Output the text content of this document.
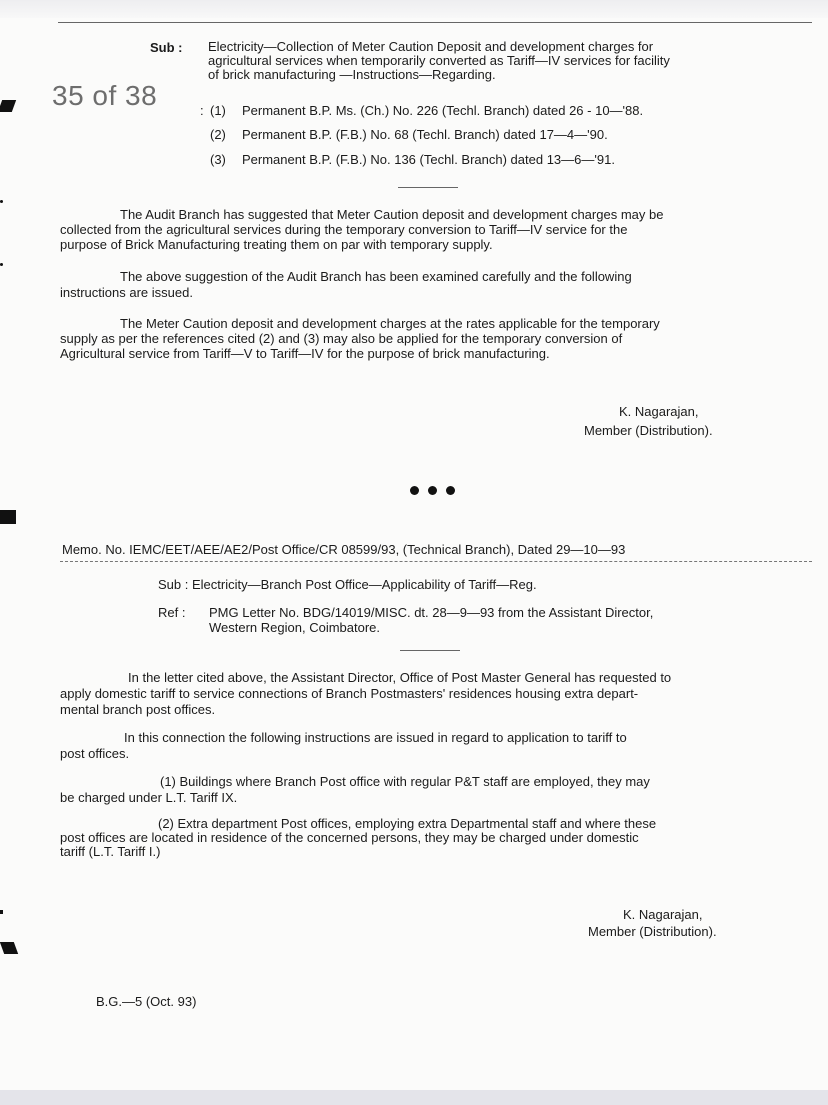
35 of 38
Sub : Electricity—Collection of Meter Caution Deposit and development charges for
agricultural services when temporarily converted as Tariff—IV services for facility
of brick manufacturing —Instructions—Regarding.
: (1) Permanent B.P. Ms. (Ch.) No. 226 (Techl. Branch) dated 26 - 10—'88.
(2) Permanent B.P. (F.B.) No. 68 (Techl. Branch) dated 17—4—'90.
(3) Permanent B.P. (F.B.) No. 136 (Techl. Branch) dated 13—6—'91.
The Audit Branch has suggested that Meter Caution deposit and development charges may be
collected from the agricultural services during the temporary conversion to Tariff—IV service for the
purpose of Brick Manufacturing treating them on par with temporary supply.
The above suggestion of the Audit Branch has been examined carefully and the following
instructions are issued.
The Meter Caution deposit and development charges at the rates applicable for the temporary
supply as per the references cited (2) and (3) may also be applied for the temporary conversion of
Agricultural service from Tariff—V to Tariff—IV for the purpose of brick manufacturing.
K. Nagarajan,
Member (Distribution).
Memo. No. IEMC/EET/AEE/AE2/Post Office/CR 08599/93, (Technical Branch), Dated 29—10—93
Sub : Electricity—Branch Post Office—Applicability of Tariff—Reg.
Ref : PMG Letter No. BDG/14019/MISC. dt. 28—9—93 from the Assistant Director,
Western Region, Coimbatore.
In the letter cited above, the Assistant Director, Office of Post Master General has requested to
apply domestic tariff to service connections of Branch Postmasters' residences housing extra depart-
mental branch post offices.
In this connection the following instructions are issued in regard to application to tariff to
post offices.
(1) Buildings where Branch Post office with regular P&T staff are employed, they may
be charged under L.T. Tariff IX.
(2) Extra department Post offices, employing extra Departmental staff and where these
post offices are located in residence of the concerned persons, they may be charged under domestic
tariff (L.T. Tariff I.)
K. Nagarajan,
Member (Distribution).
B.G.—5 (Oct. 93)
